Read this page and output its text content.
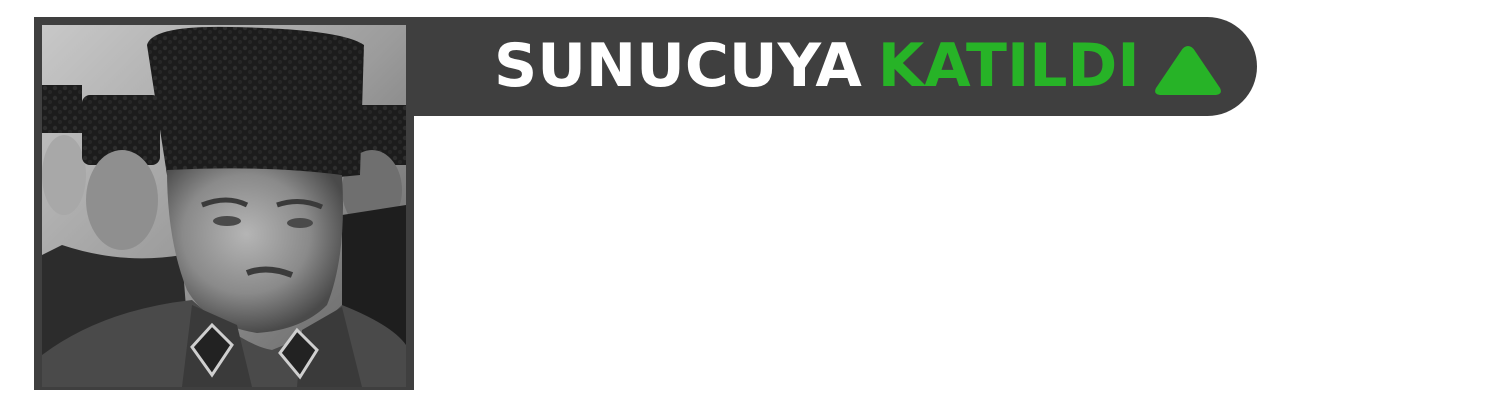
SUNUCUYA KATILDI
